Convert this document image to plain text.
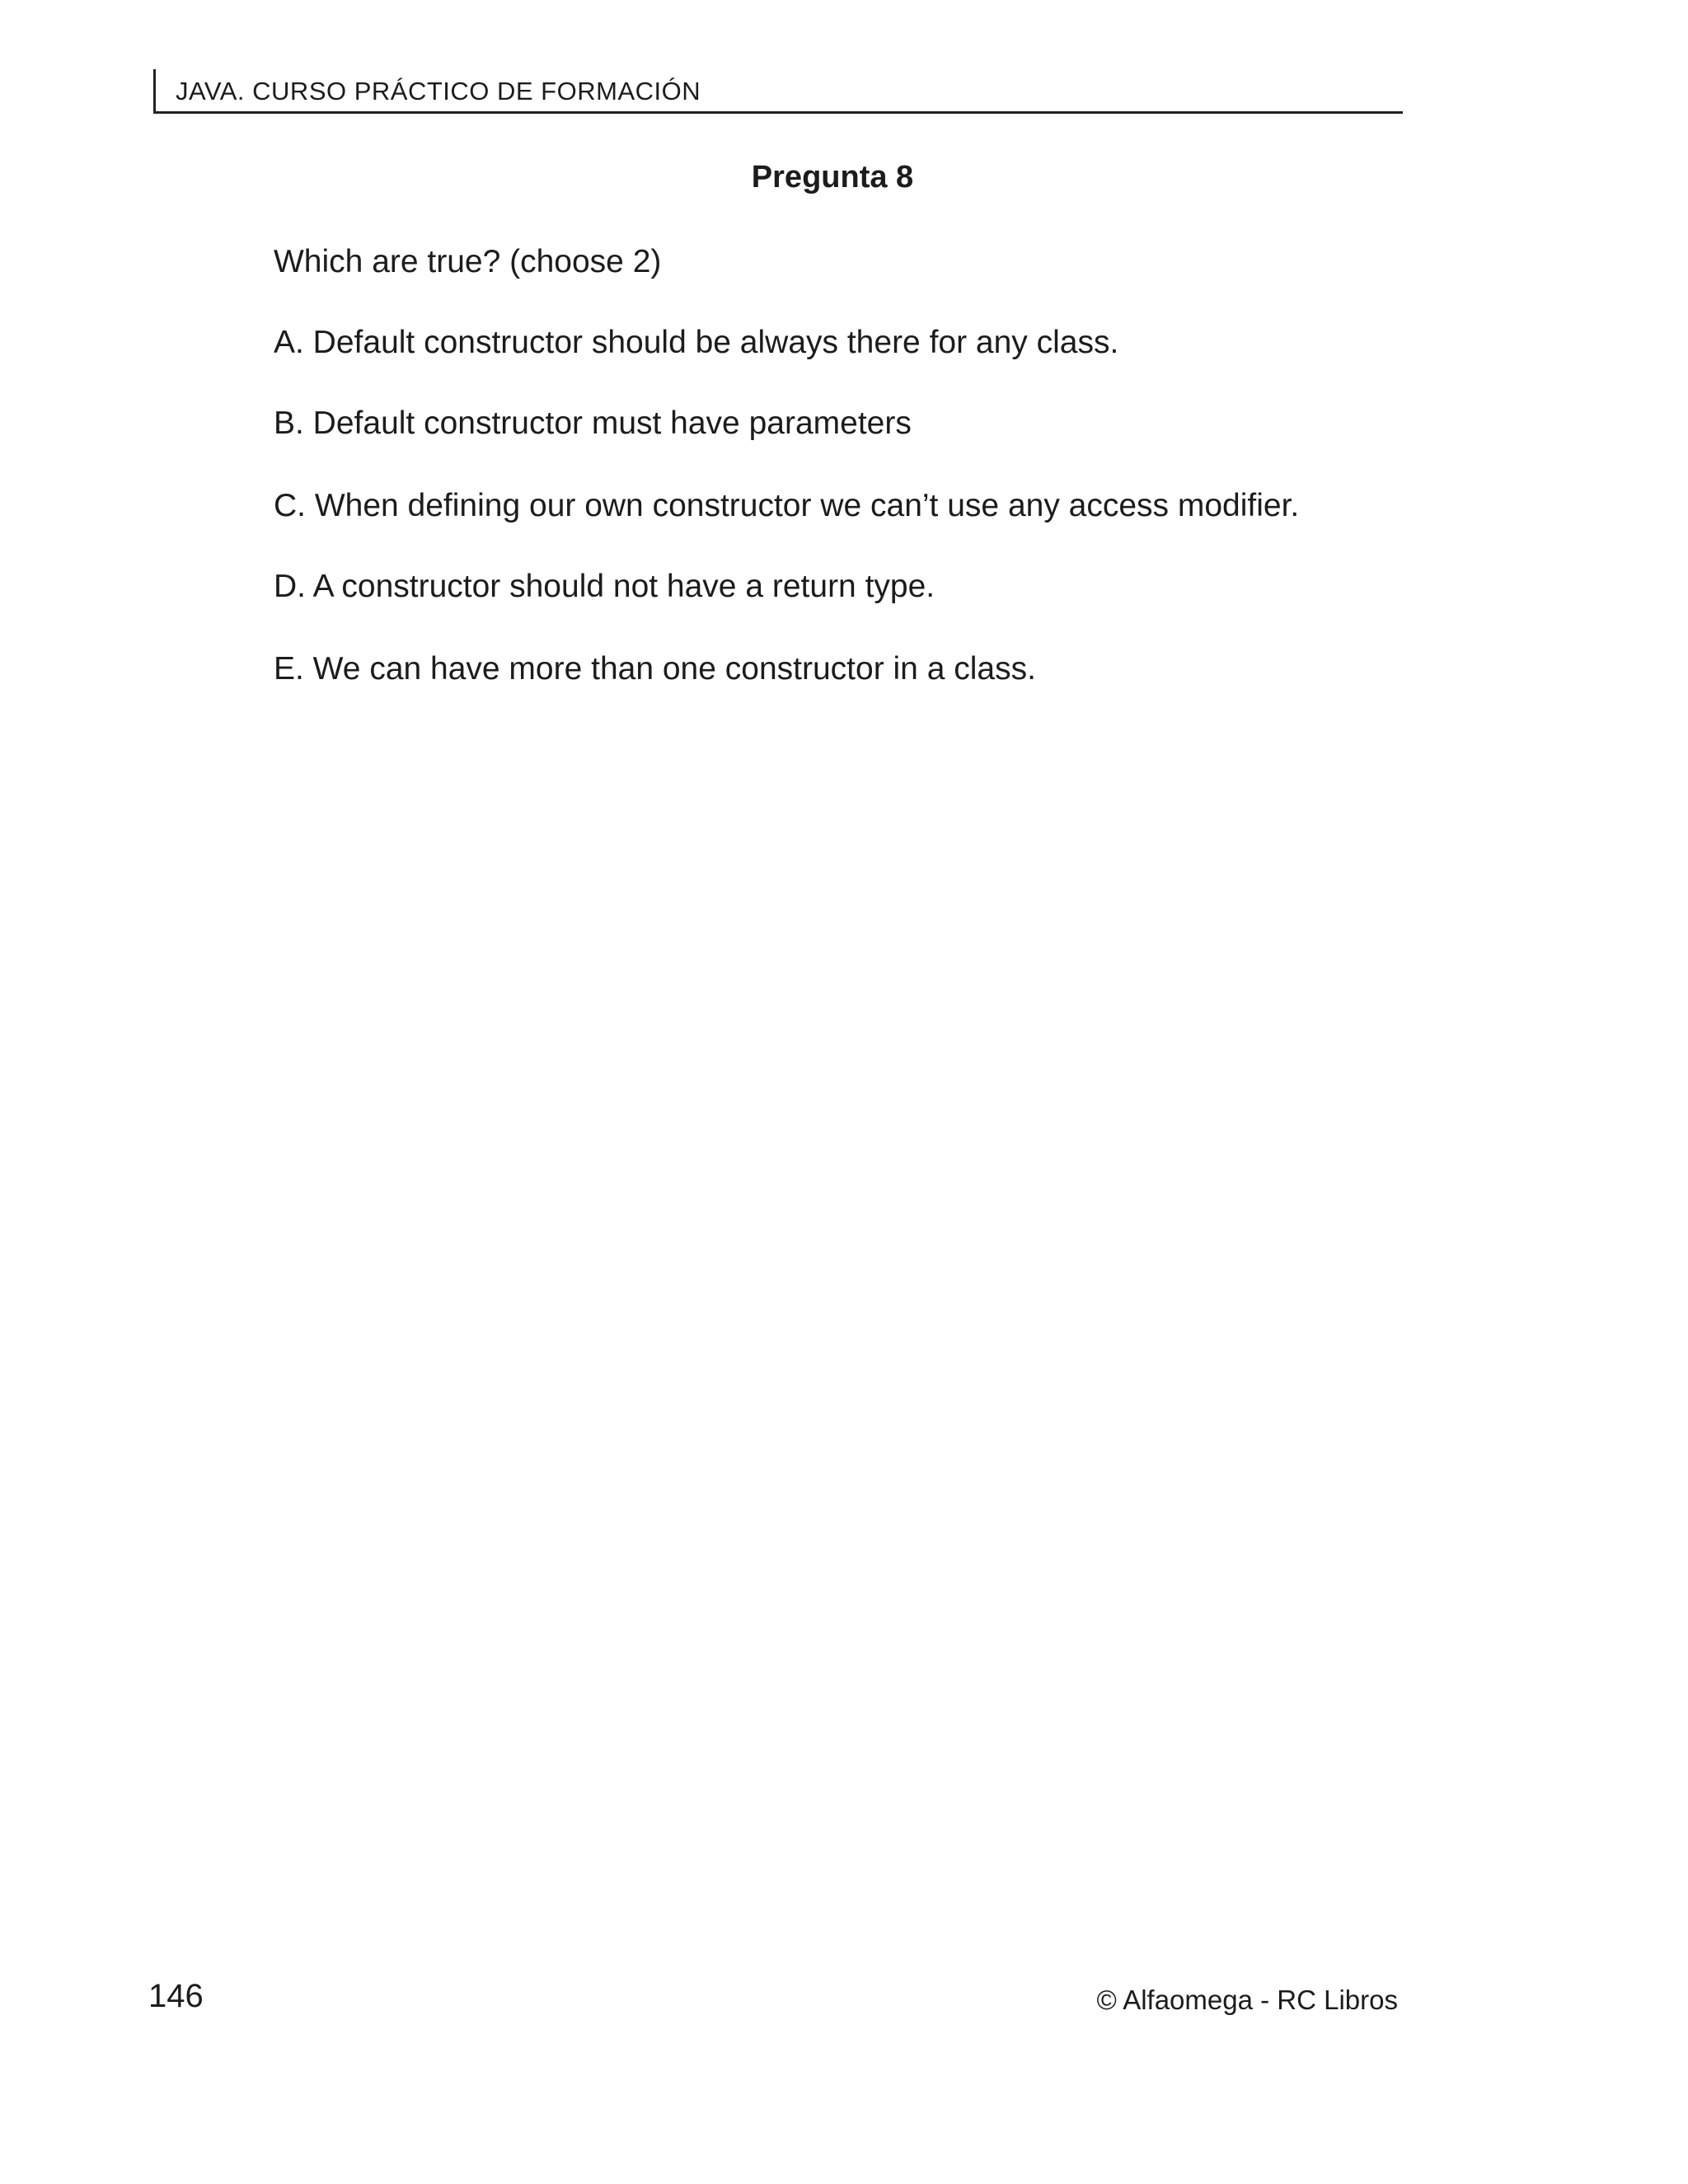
JAVA. CURSO PRÁCTICO DE FORMACIÓN
Pregunta 8
Which are true? (choose 2)
A. Default constructor should be always there for any class.
B. Default constructor must have parameters
C. When defining our own constructor we can’t use any access modifier.
D. A constructor should not have a return type.
E. We can have more than one constructor in a class.
146	© Alfaomega - RC Libros
